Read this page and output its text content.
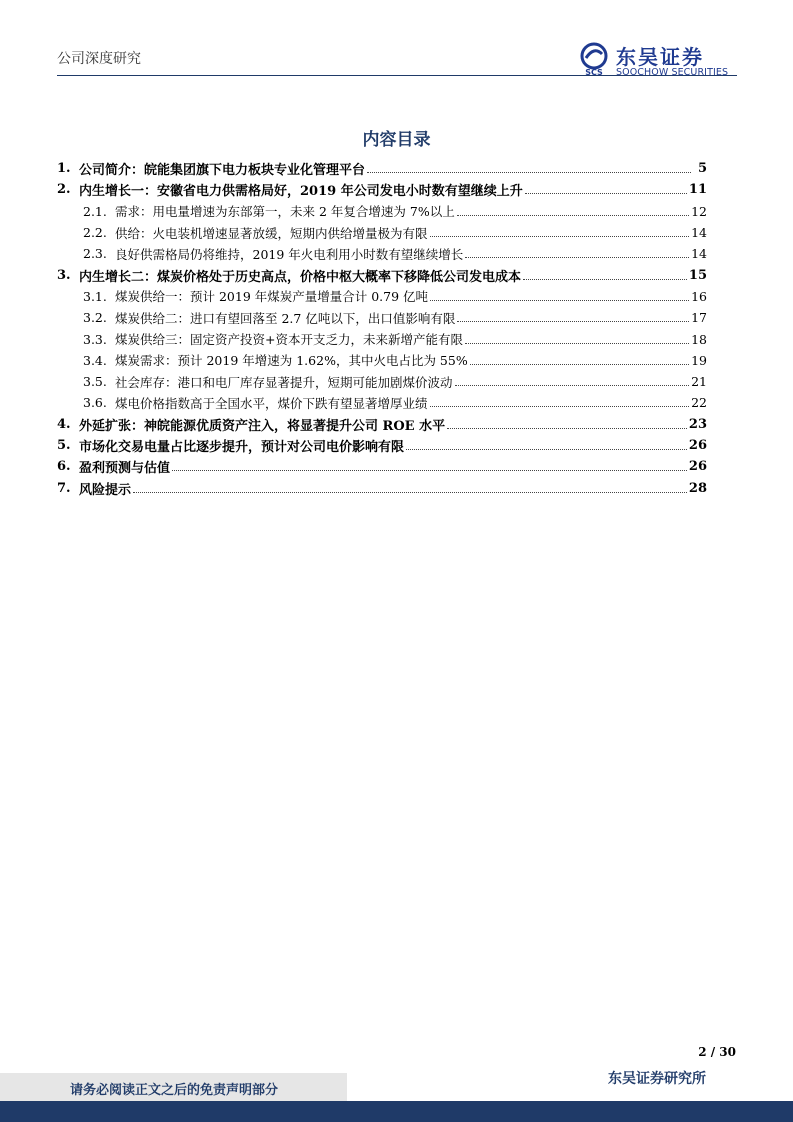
公司深度研究
SCS
东吴证券
SOOCHOW SECURITIES
内容目录
1. 公司简介：皖能集团旗下电力板块专业化管理平台	5
2. 内生增长一：安徽省电力供需格局好，2019 年公司发电小时数有望继续上升	11
2.1. 需求：用电量增速为东部第一，未来 2 年复合增速为 7%以上	12
2.2. 供给：火电装机增速显著放缓，短期内供给增量极为有限	14
2.3. 良好供需格局仍将维持，2019 年火电利用小时数有望继续增长	14
3. 内生增长二：煤炭价格处于历史高点，价格中枢大概率下移降低公司发电成本	15
3.1. 煤炭供给一：预计 2019 年煤炭产量增量合计 0.79 亿吨	16
3.2. 煤炭供给二：进口有望回落至 2.7 亿吨以下，出口值影响有限	17
3.3. 煤炭供给三：固定资产投资+资本开支乏力，未来新增产能有限	18
3.4. 煤炭需求：预计 2019 年增速为 1.62%，其中火电占比为 55%	19
3.5. 社会库存：港口和电厂库存显著提升，短期可能加剧煤价波动	21
3.6. 煤电价格指数高于全国水平，煤价下跌有望显著增厚业绩	22
4. 外延扩张：神皖能源优质资产注入，将显著提升公司 ROE 水平	23
5. 市场化交易电量占比逐步提升，预计对公司电价影响有限	26
6. 盈利预测与估值	26
7. 风险提示	28
2 / 30
请务必阅读正文之后的免责声明部分
东吴证券研究所
